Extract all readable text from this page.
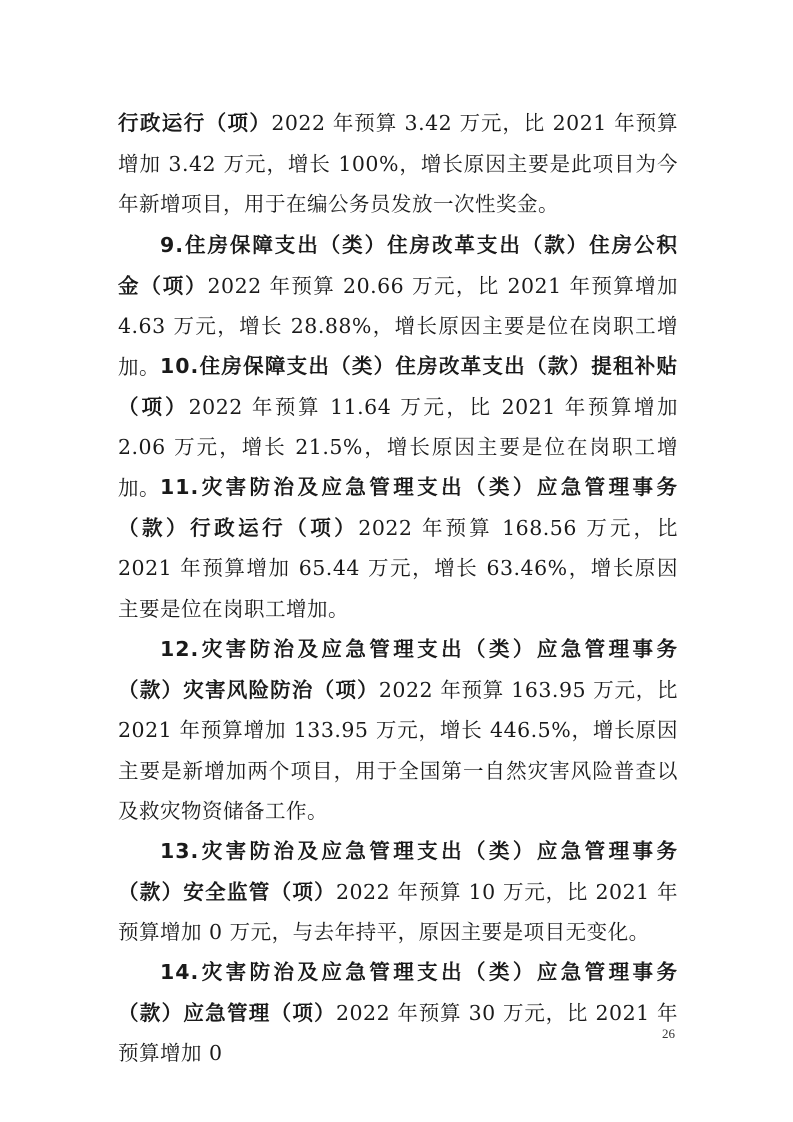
行政运行（项）2022 年预算 3.42 万元，比 2021 年预算增加 3.42 万元，增长 100%，增长原因主要是此项目为今年新增项目，用于在编公务员发放一次性奖金。

9.住房保障支出（类）住房改革支出（款）住房公积金（项）2022 年预算 20.66 万元，比 2021 年预算增加 4.63 万元，增长 28.88%，增长原因主要是位在岗职工增加。 10.住房保障支出（类）住房改革支出（款）提租补贴（项）2022 年预算 11.64 万元，比 2021 年预算增加 2.06 万元，增长 21.5%，增长原因主要是位在岗职工增加。 11.灾害防治及应急管理支出（类）应急管理事务（款）行政运行（项）2022 年预算 168.56 万元，比 2021 年预算增加 65.44 万元，增长 63.46%，增长原因主要是位在岗职工增加。

12.灾害防治及应急管理支出（类）应急管理事务（款）灾害风险防治（项）2022 年预算 163.95 万元，比 2021 年预算增加 133.95 万元，增长 446.5%，增长原因主要是新增加两个项目，用于全国第一自然灾害风险普查以及救灾物资储备工作。

13.灾害防治及应急管理支出（类）应急管理事务（款）安全监管（项）2022 年预算 10 万元，比 2021 年预算增加 0 万元，与去年持平，原因主要是项目无变化。

14.灾害防治及应急管理支出（类）应急管理事务（款）应急管理（项）2022 年预算 30 万元，比 2021 年预算增加 0

26
